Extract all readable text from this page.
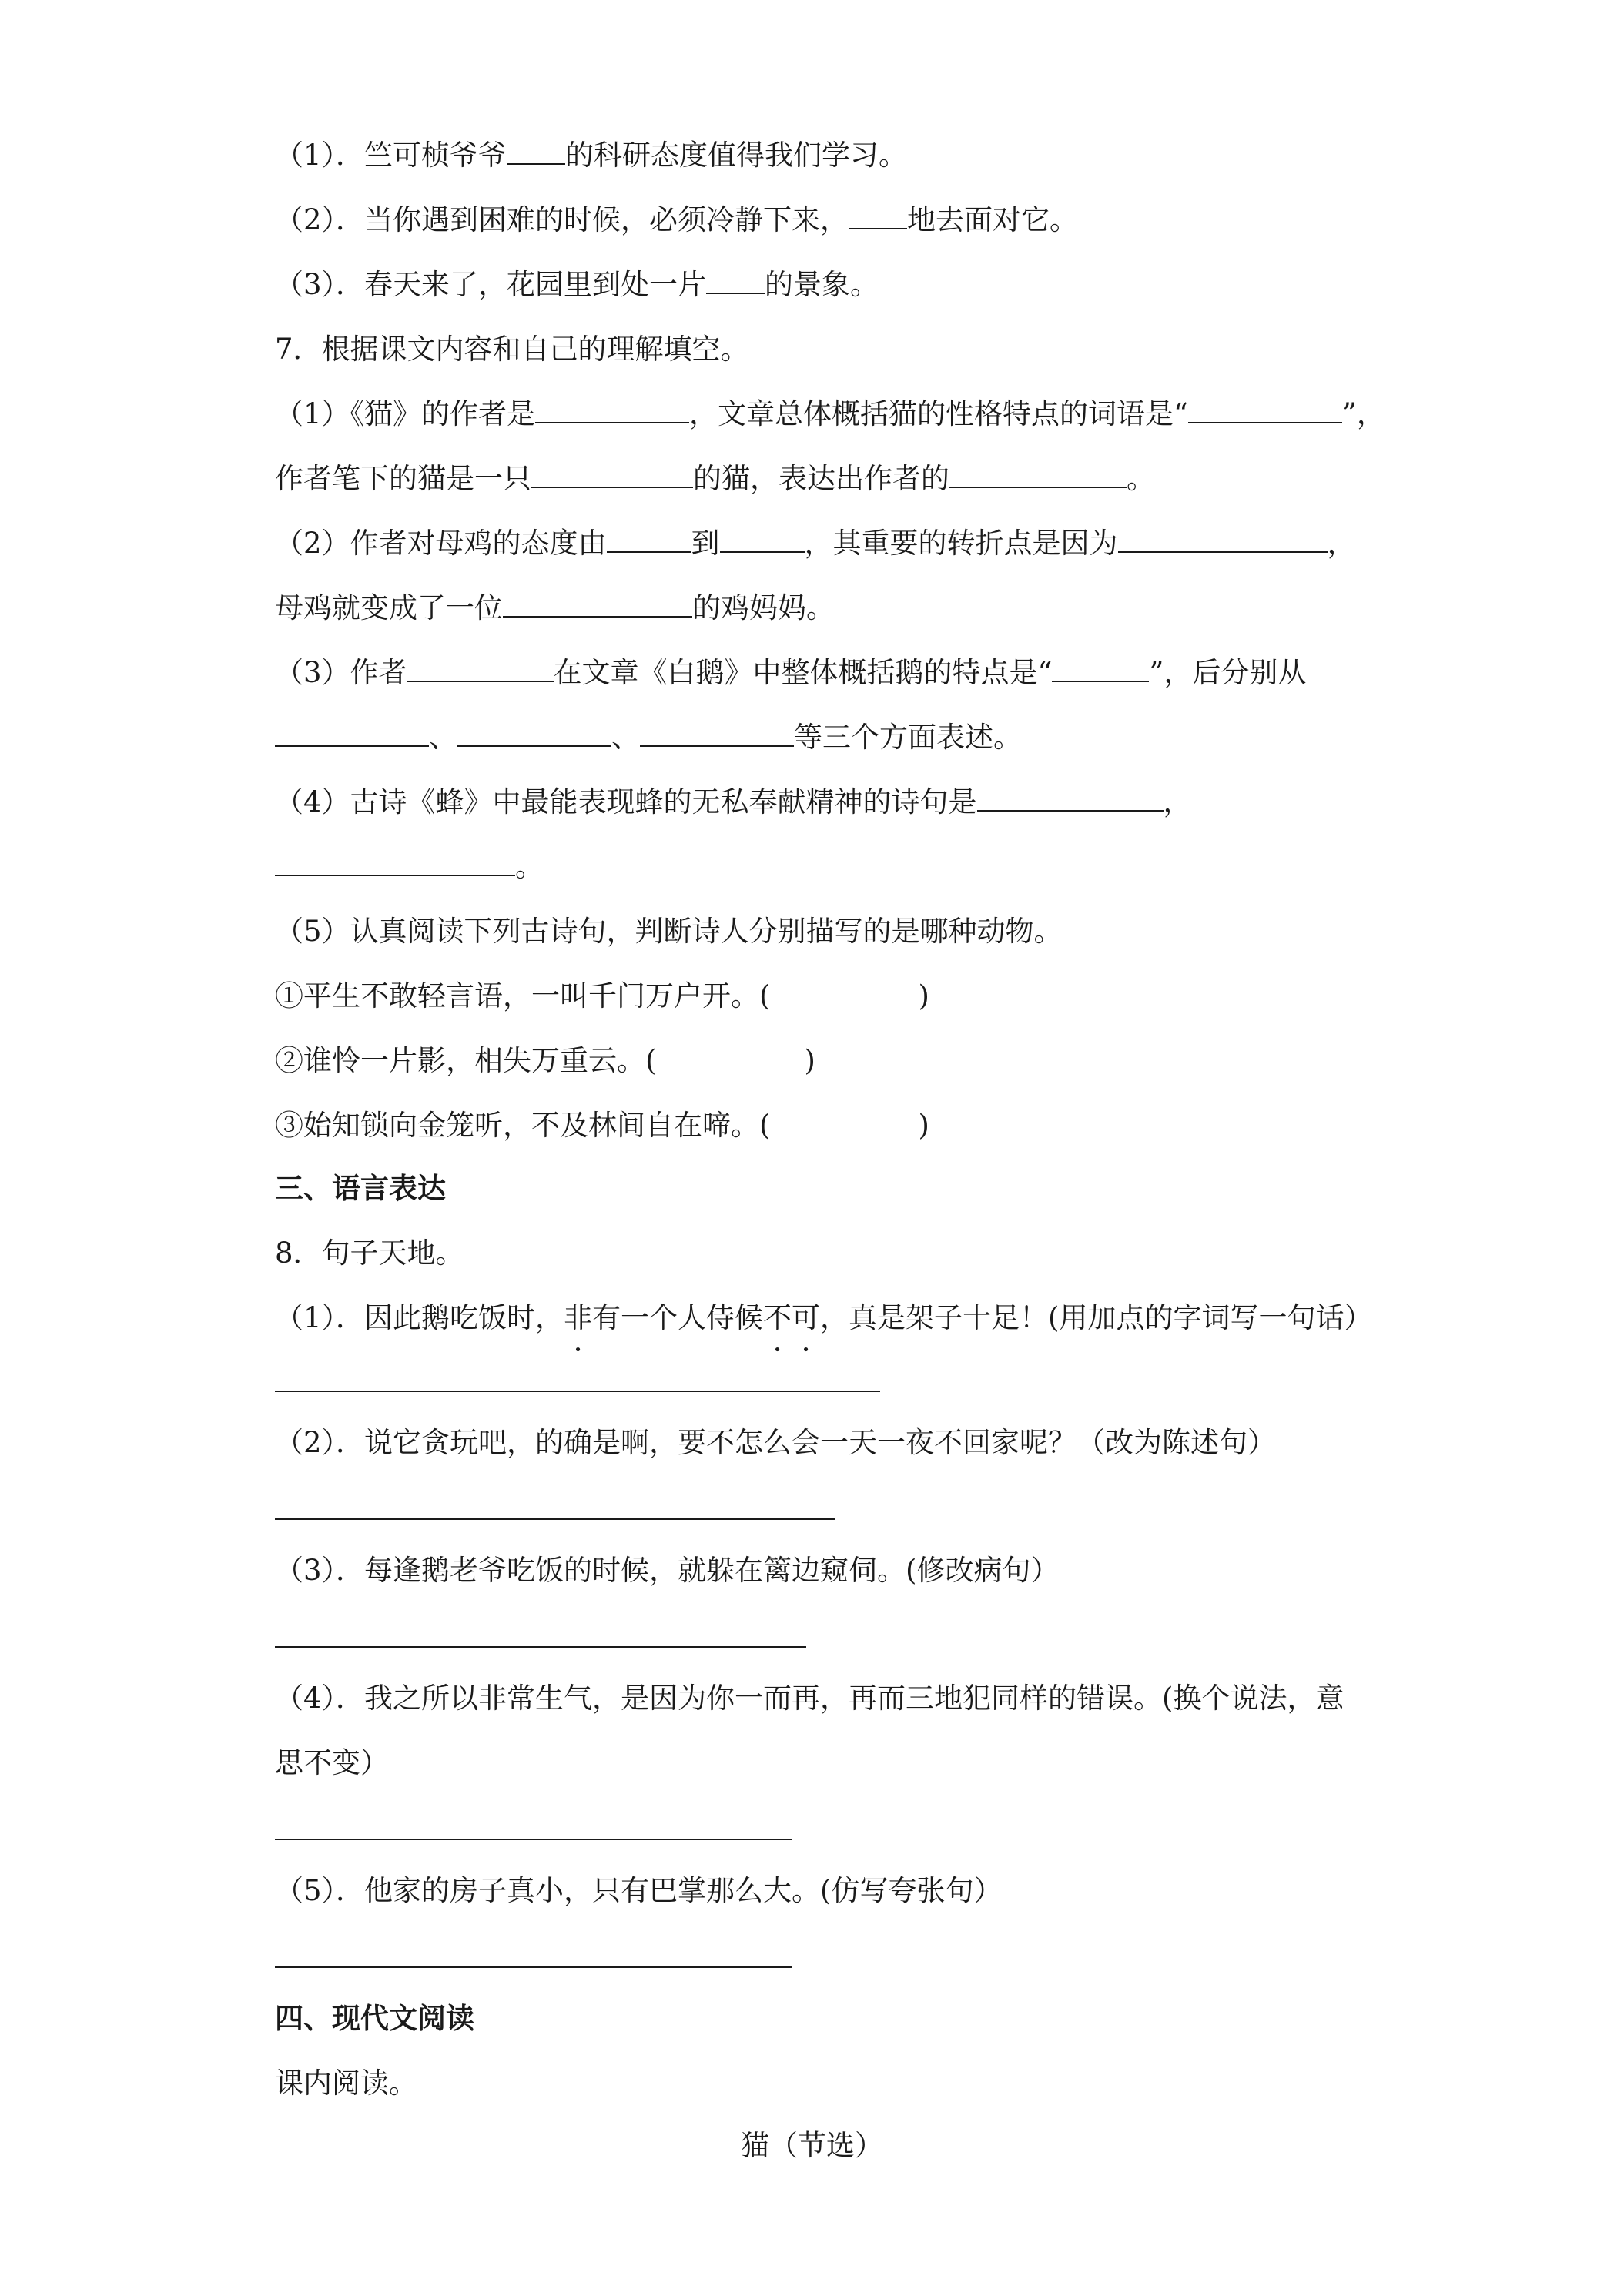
（1）．竺可桢爷爷 的科研态度值得我们学习。
（2）．当你遇到困难的时候，必须冷静下来， 地去面对它。
（3）．春天来了，花园里到处一片 的景象。
7．根据课文内容和自己的理解填空。
（1）《猫》的作者是	，文章总体概括猫的性格特点的词语是“	”，
作者笔下的猫是一只	的猫，表达出作者的	。
（2）作者对母鸡的态度由	到	，其重要的转折点是因为	，
母鸡就变成了一位	的鸡妈妈。
（3）作者	在文章《白鹅》中整体概括鹅的特点是“	”，后分别从
、	、	等三个方面表述。
（4）古诗《蜂》中最能表现蜂的无私奉献精神的诗句是	，
。
（5）认真阅读下列古诗句，判断诗人分别描写的是哪种动物。
①平生不敢轻言语，一叫千门万户开。(	)
②谁怜一片影，相失万重云。(	)
③始知锁向金笼听，不及林间自在啼。(	)
三、语言表达
8．句子天地。
（1）．因此鹅吃饭时，非有一个人侍候不可，真是架子十足！(用加点的字词写一句话）
（2）．说它贪玩吧，的确是啊，要不怎么会一天一夜不回家呢？（改为陈述句）
（3）．每逢鹅老爷吃饭的时候，就躲在篱边窥伺。(修改病句）
（4）．我之所以非常生气，是因为你一而再，再而三地犯同样的错误。(换个说法，意
思不变）
（5）．他家的房子真小，只有巴掌那么大。(仿写夸张句）
四、现代文阅读
课内阅读。
猫（节选）
